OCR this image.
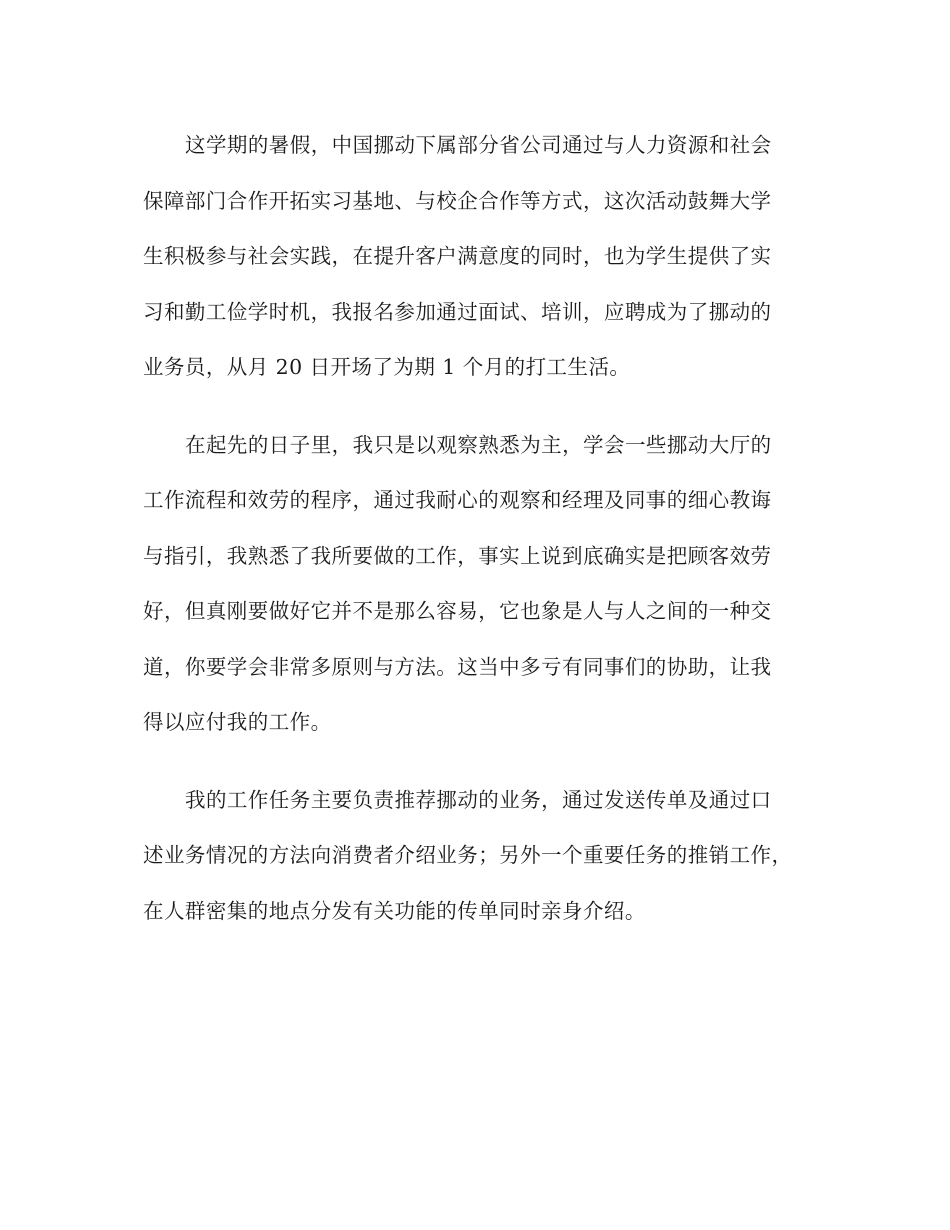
这学期的暑假，中国挪动下属部分省公司通过与人力资源和社会
保障部门合作开拓实习基地、与校企合作等方式，这次活动鼓舞大学
生积极参与社会实践，在提升客户满意度的同时，也为学生提供了实
习和勤工俭学时机，我报名参加通过面试、培训，应聘成为了挪动的
业务员，从月 20 日开场了为期 1 个月的打工生活。

在起先的日子里，我只是以观察熟悉为主，学会一些挪动大厅的
工作流程和效劳的程序，通过我耐心的观察和经理及同事的细心教诲
与指引，我熟悉了我所要做的工作，事实上说到底确实是把顾客效劳
好，但真刚要做好它并不是那么容易，它也象是人与人之间的一种交
道，你要学会非常多原则与方法。这当中多亏有同事们的协助，让我
得以应付我的工作。

我的工作任务主要负责推荐挪动的业务，通过发送传单及通过口
述业务情况的方法向消费者介绍业务；另外一个重要任务的推销工作，
在人群密集的地点分发有关功能的传单同时亲身介绍。
